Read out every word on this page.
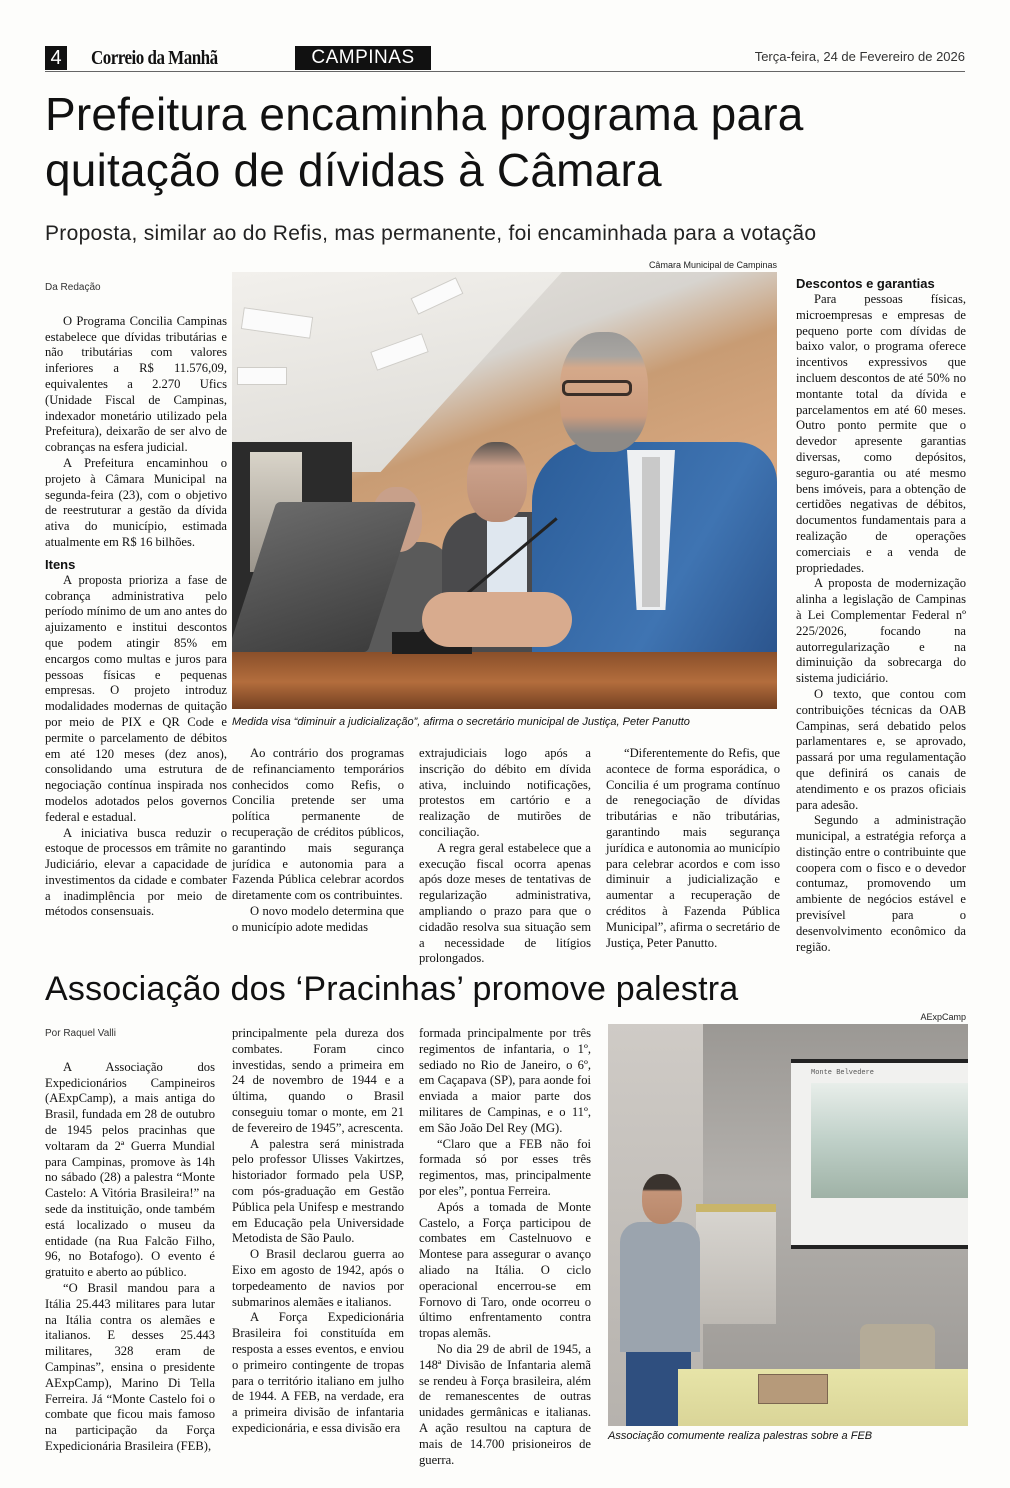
4 Correio da Manhã	CAMPINAS	Terça-feira, 24 de Fevereiro de 2026
Prefeitura encaminha programa para quitação de dívidas à Câmara
Proposta, similar ao do Refis, mas permanente, foi encaminhada para a votação
Da Redação

O Programa Concilia Campinas estabelece que dívidas tributárias e não tributárias com valores inferiores a R$ 11.576,09, equivalentes a 2.270 Ufics (Unidade Fiscal de Campinas, indexador monetário utilizado pela Prefeitura), deixarão de ser alvo de cobranças na esfera judicial.

A Prefeitura encaminhou o projeto à Câmara Municipal na segunda-feira (23), com o objetivo de reestruturar a gestão da dívida ativa do município, estimada atualmente em R$ 16 bilhões.

Itens

A proposta prioriza a fase de cobrança administrativa pelo período mínimo de um ano antes do ajuizamento e institui descontos que podem atingir 85% em encargos como multas e juros para pessoas físicas e pequenas empresas. O projeto introduz modalidades modernas de quitação por meio de PIX e QR Code e permite o parcelamento de débitos em até 120 meses (dez anos), consolidando uma estrutura de negociação contínua inspirada nos modelos adotados pelos governos federal e estadual.

A iniciativa busca reduzir o estoque de processos em trâmite no Judiciário, elevar a capacidade de investimentos da cidade e combater a inadimplência por meio de métodos consensuais.

Câmara Municipal de Campinas
Medida visa “diminuir a judicialização”, afirma o secretário municipal de Justiça, Peter Panutto

Ao contrário dos programas de refinanciamento temporários conhecidos como Refis, o Concilia pretende ser uma política permanente de recuperação de créditos públicos, garantindo mais segurança jurídica e autonomia para a Fazenda Pública celebrar acordos diretamente com os contribuintes.

O novo modelo determina que o município adote medidas

extrajudiciais logo após a inscrição do débito em dívida ativa, incluindo notificações, protestos em cartório e a realização de mutirões de conciliação.

A regra geral estabelece que a execução fiscal ocorra apenas após doze meses de tentativas de regularização administrativa, ampliando o prazo para que o cidadão resolva sua situação sem a necessidade de litígios prolongados.

“Diferentemente do Refis, que acontece de forma esporádica, o Concilia é um programa contínuo de renegociação de dívidas tributárias e não tributárias, garantindo mais segurança jurídica e autonomia ao município para celebrar acordos e com isso diminuir a judicialização e aumentar a recuperação de créditos à Fazenda Pública Municipal”, afirma o secretário de Justiça, Peter Panutto.

Descontos e garantias

Para pessoas físicas, microempresas e empresas de pequeno porte com dívidas de baixo valor, o programa oferece incentivos expressivos que incluem descontos de até 50% no montante total da dívida e parcelamentos em até 60 meses. Outro ponto permite que o devedor apresente garantias diversas, como depósitos, seguro-garantia ou até mesmo bens imóveis, para a obtenção de certidões negativas de débitos, documentos fundamentais para a realização de operações comerciais e a venda de propriedades.

A proposta de modernização alinha a legislação de Campinas à Lei Complementar Federal nº 225/2026, focando na autorregularização e na diminuição da sobrecarga do sistema judiciário.

O texto, que contou com contribuições técnicas da OAB Campinas, será debatido pelos parlamentares e, se aprovado, passará por uma regulamentação que definirá os canais de atendimento e os prazos oficiais para adesão.

Segundo a administração municipal, a estratégia reforça a distinção entre o contribuinte que coopera com o fisco e o devedor contumaz, promovendo um ambiente de negócios estável e previsível para o desenvolvimento econômico da região.

Associação dos ‘Pracinhas’ promove palestra
Por Raquel Valli

A Associação dos Expedicionários Campineiros (AExpCamp), a mais antiga do Brasil, fundada em 28 de outubro de 1945 pelos pracinhas que voltaram da 2ª Guerra Mundial para Campinas, promove às 14h no sábado (28) a palestra “Monte Castelo: A Vitória Brasileira!” na sede da instituição, onde também está localizado o museu da entidade (na Rua Falcão Filho, 96, no Botafogo). O evento é gratuito e aberto ao público.

“O Brasil mandou para a Itália 25.443 militares para lutar na Itália contra os alemães e italianos. E desses 25.443 militares, 328 eram de Campinas”, ensina o presidente AExpCamp), Marino Di Tella Ferreira. Já “Monte Castelo foi o combate que ficou mais famoso na participação da Força Expedicionária Brasileira (FEB),

principalmente pela dureza dos combates. Foram cinco investidas, sendo a primeira em 24 de novembro de 1944 e a última, quando o Brasil conseguiu tomar o monte, em 21 de fevereiro de 1945”, acrescenta.

A palestra será ministrada pelo professor Ulisses Vakirtzes, historiador formado pela USP, com pós-graduação em Gestão Pública pela Unifesp e mestrando em Educação pela Universidade Metodista de São Paulo.

O Brasil declarou guerra ao Eixo em agosto de 1942, após o torpedeamento de navios por submarinos alemães e italianos.

A Força Expedicionária Brasileira foi constituída em resposta a esses eventos, e enviou o primeiro contingente de tropas para o território italiano em julho de 1944. A FEB, na verdade, era a primeira divisão de infantaria expedicionária, e essa divisão era

formada principalmente por três regimentos de infantaria, o 1º, sediado no Rio de Janeiro, o 6º, em Caçapava (SP), para aonde foi enviada a maior parte dos militares de Campinas, e o 11º, em São João Del Rey (MG).

“Claro que a FEB não foi formada só por esses três regimentos, mas, principalmente por eles”, pontua Ferreira.

Após a tomada de Monte Castelo, a Força participou de combates em Castelnuovo e Montese para assegurar o avanço aliado na Itália. O ciclo operacional encerrou-se em Fornovo di Taro, onde ocorreu o último enfrentamento contra tropas alemãs.

No dia 29 de abril de 1945, a 148ª Divisão de Infantaria alemã se rendeu à Força brasileira, além de remanescentes de outras unidades germânicas e italianas. A ação resultou na captura de mais de 14.700 prisioneiros de guerra.

AExpCamp
Monte Belvedere
Associação comumente realiza palestras sobre a FEB
